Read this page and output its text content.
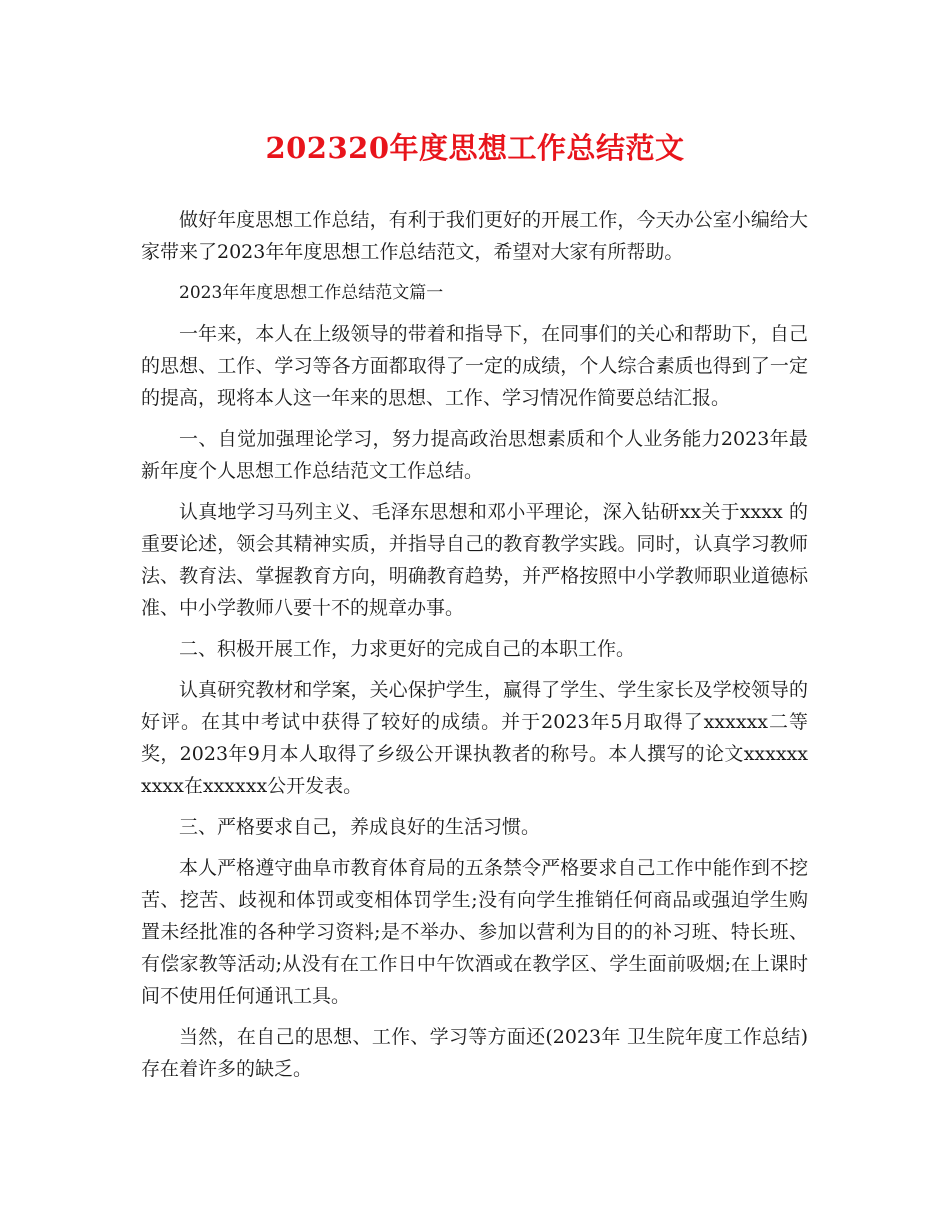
202320年度思想工作总结范文

做好年度思想工作总结，有利于我们更好的开展工作，今天办公室小编给大家带来了2023年年度思想工作总结范文，希望对大家有所帮助。

2023年年度思想工作总结范文篇一

一年来，本人在上级领导的带着和指导下，在同事们的关心和帮助下，自己的思想、工作、学习等各方面都取得了一定的成绩，个人综合素质也得到了一定的提高，现将本人这一年来的思想、工作、学习情况作简要总结汇报。

一、自觉加强理论学习，努力提高政治思想素质和个人业务能力2023年最新年度个人思想工作总结范文工作总结。

认真地学习马列主义、毛泽东思想和邓小平理论，深入钻研xx关于xxxx 的重要论述，领会其精神实质，并指导自己的教育教学实践。同时，认真学习教师法、教育法、掌握教育方向，明确教育趋势，并严格按照中小学教师职业道德标准、中小学教师八要十不的规章办事。

二、积极开展工作，力求更好的完成自己的本职工作。

认真研究教材和学案，关心保护学生，赢得了学生、学生家长及学校领导的好评。在其中考试中获得了较好的成绩。并于2023年5月取得了xxxxxx二等奖，2023年9月本人取得了乡级公开课执教者的称号。本人撰写的论文xxxxxxxxxx在xxxxxx公开发表。

三、严格要求自己，养成良好的生活习惯。

本人严格遵守曲阜市教育体育局的五条禁令严格要求自己工作中能作到不挖苦、挖苦、歧视和体罚或变相体罚学生;没有向学生推销任何商品或强迫学生购置未经批准的各种学习资料;是不举办、参加以营利为目的的补习班、特长班、有偿家教等活动;从没有在工作日中午饮酒或在教学区、学生面前吸烟;在上课时间不使用任何通讯工具。

当然，在自己的思想、工作、学习等方面还(2023年 卫生院年度工作总结)存在着许多的缺乏。
